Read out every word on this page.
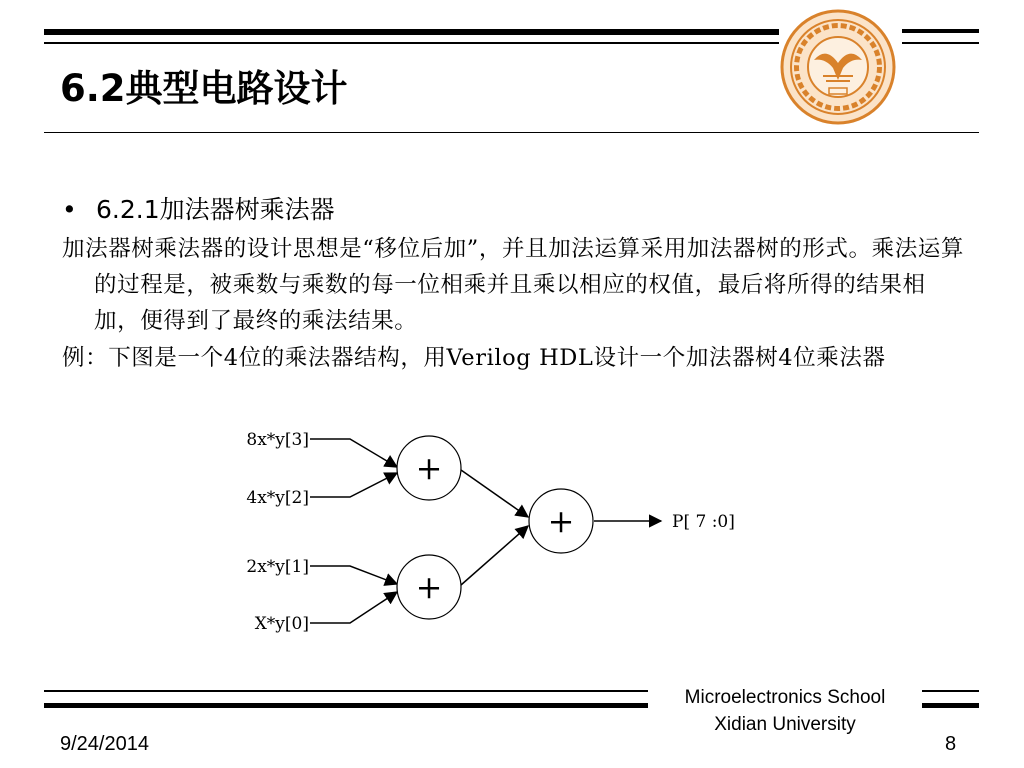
6.2典型电路设计
• 6.2.1加法器树乘法器
加法器树乘法器的设计思想是“移位后加”，并且加法运算采用加法器树的形式。乘法运算的过程是，被乘数与乘数的每一位相乘并且乘以相应的权值，最后将所得的结果相加，便得到了最终的乘法结果。
例：下图是一个4位的乘法器结构，用Verilog HDL设计一个加法器树4位乘法器
8x*y[3]
4x*y[2]
2x*y[1]
X*y[0]
+
+
+	P[ 7 :0]
Microelectronics School
Xidian University
9/24/2014	8
